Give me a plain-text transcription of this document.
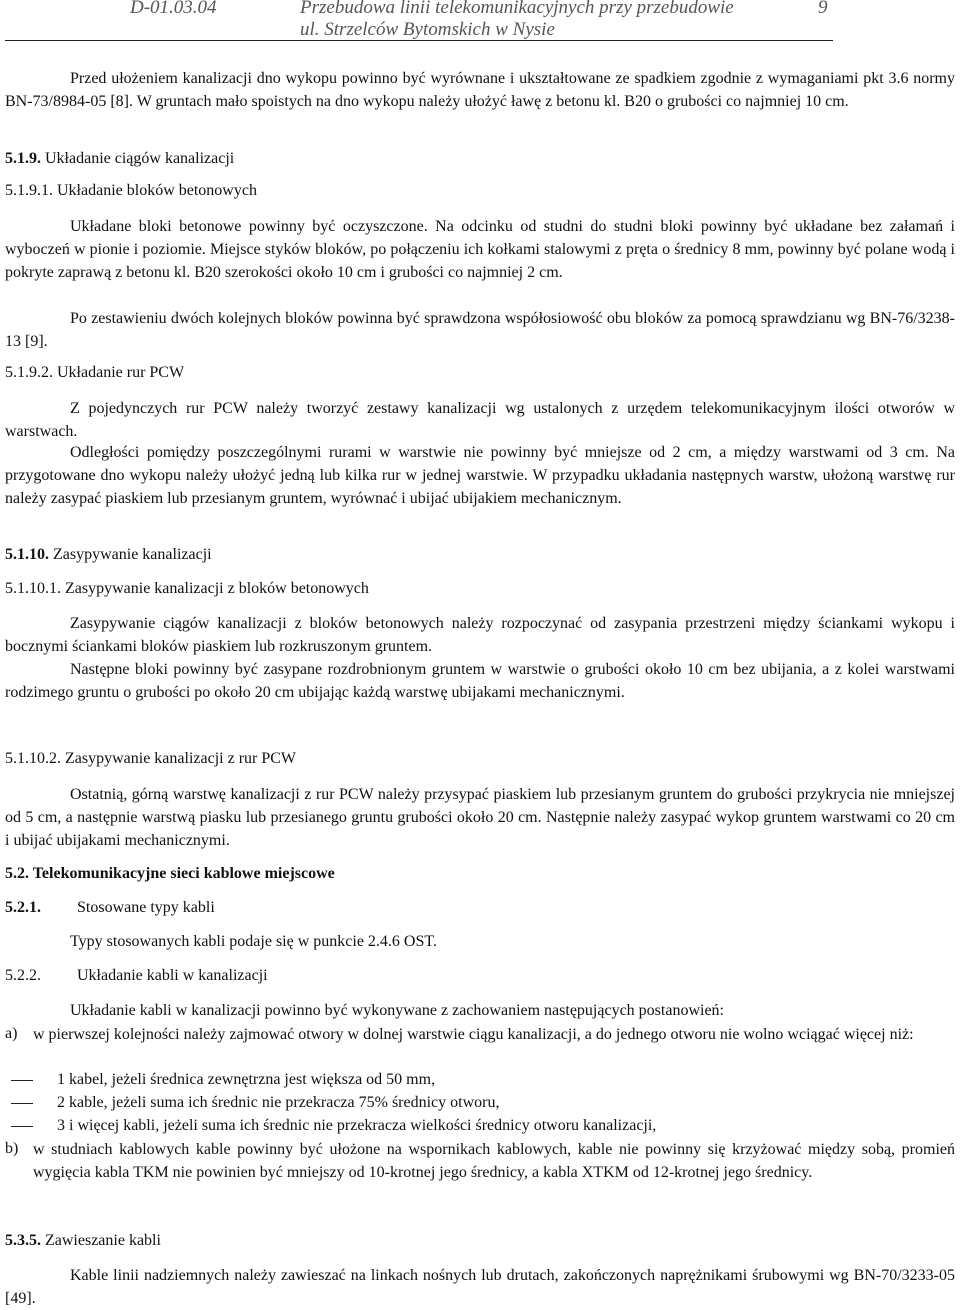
D-01.03.04	Przebudowa linii telekomunikacyjnych przy przebudowie
ul. Strzelców Bytomskich w Nysie
9
Przed ułożeniem kanalizacji dno wykopu powinno być wyrównane i ukształtowane ze spadkiem zgodnie z wymaganiami pkt 3.6 normy BN-73/8984-05 [8]. W gruntach mało spoistych na dno wykopu należy ułożyć ławę z betonu kl. B20 o grubości co najmniej 10 cm.
5.1.9. Układanie ciągów kanalizacji
5.1.9.1. Układanie bloków betonowych
Układane bloki betonowe powinny być oczyszczone. Na odcinku od studni do studni bloki powinny być układane bez załamań i wyboczeń w pionie i poziomie. Miejsce styków bloków, po połączeniu ich kołkami stalowymi z pręta o średnicy 8 mm, powinny być polane wodą i pokryte zaprawą z betonu kl. B20 szerokości około 10 cm i grubości co najmniej 2 cm.
Po zestawieniu dwóch kolejnych bloków powinna być sprawdzona współosiowość obu bloków za pomocą sprawdzianu wg BN-76/3238-13 [9].
5.1.9.2. Układanie rur PCW
Z pojedynczych rur PCW należy tworzyć zestawy kanalizacji wg ustalonych z urzędem telekomunikacyjnym ilości otworów w warstwach.
Odległości pomiędzy poszczególnymi rurami w warstwie nie powinny być mniejsze od 2 cm, a między warstwami od 3 cm. Na przygotowane dno wykopu należy ułożyć jedną lub kilka rur w jednej warstwie. W przypadku układania następnych warstw, ułożoną warstwę rur należy zasypać piaskiem lub przesianym gruntem, wyrównać i ubijać ubijakiem mechanicznym.
5.1.10. Zasypywanie kanalizacji
5.1.10.1. Zasypywanie kanalizacji z bloków betonowych
Zasypywanie ciągów kanalizacji z bloków betonowych należy rozpoczynać od zasypania przestrzeni między ściankami wykopu i bocznymi ściankami bloków piaskiem lub rozkruszonym gruntem.
Następne bloki powinny być zasypane rozdrobnionym gruntem w warstwie o grubości około 10 cm bez ubijania, a z kolei warstwami rodzimego gruntu o grubości po około 20 cm ubijając każdą warstwę ubijakami mechanicznymi.
5.1.10.2. Zasypywanie kanalizacji z rur PCW
Ostatnią, górną warstwę kanalizacji z rur PCW należy przysypać piaskiem lub przesianym gruntem do grubości przykrycia nie mniejszej od 5 cm, a następnie warstwą piasku lub przesianego gruntu grubości około 20 cm. Następnie należy zasypać wykop gruntem warstwami co 20 cm i ubijać ubijakami mechanicznymi.
5.2. Telekomunikacyjne sieci kablowe miejscowe
5.2.1. Stosowane typy kabli
Typy stosowanych kabli podaje się w punkcie 2.4.6 OST.
5.2.2. Układanie kabli w kanalizacji
Układanie kabli w kanalizacji powinno być wykonywane z zachowaniem następujących postanowień:
a) w pierwszej kolejności należy zajmować otwory w dolnej warstwie ciągu kanalizacji, a do jednego otworu nie wolno wciągać więcej niż:
1 kabel, jeżeli średnica zewnętrzna jest większa od 50 mm,
2 kable, jeżeli suma ich średnic nie przekracza 75% średnicy otworu,
3 i więcej kabli, jeżeli suma ich średnic nie przekracza wielkości średnicy otworu kanalizacji,
b) w studniach kablowych kable powinny być ułożone na wspornikach kablowych, kable nie powinny się krzyżować między sobą, promień wygięcia kabla TKM nie powinien być mniejszy od 10-krotnej jego średnicy, a kabla XTKM od 12-krotnej jego średnicy.
5.3.5. Zawieszanie kabli
Kable linii nadziemnych należy zawieszać na linkach nośnych lub drutach, zakończonych naprężnikami śrubowymi wg BN-70/3233-05 [49].
